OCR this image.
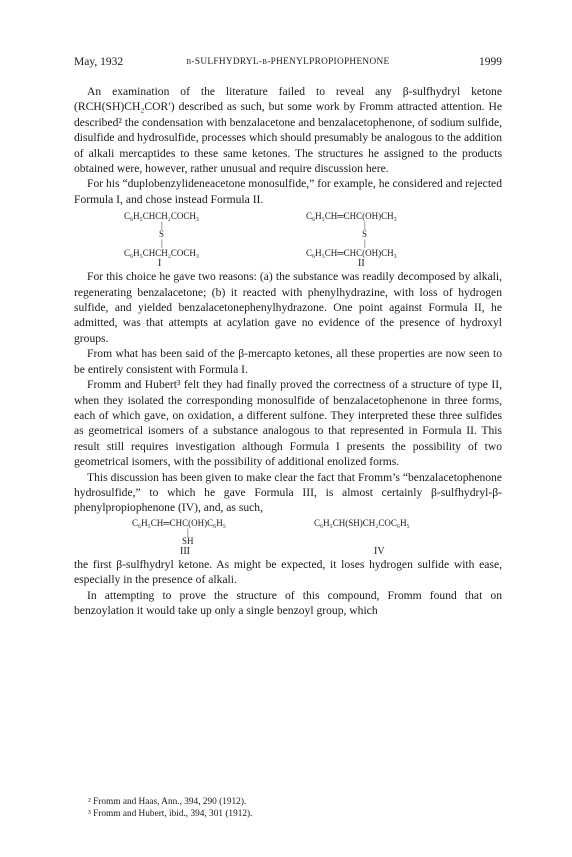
May, 1932	β-SULFHYDRYL-β-PHENYLPROPIOPHENONE	1999

An examination of the literature failed to reveal any β-sulfhydryl ketone (RCH(SH)CH₂COR′) described as such, but some work by Fromm attracted attention. He described² the condensation with benzalacetone and benzalacetophenone, of sodium sulfide, disulfide and hydrosulfide, processes which should presumably be analogous to the addition of alkali mercaptides to these same ketones. The structures he assigned to the products obtained were, however, rather unusual and require discussion here.

For his “duplobenzylideneacetone monosulfide,” for example, he considered and rejected Formula I, and chose instead Formula II.

C₆H₅CHCH₂COCH₃
|
S
|
C₆H₅CHCH₂COCH₃
I
C₆H₅CH═CHC(OH)CH₃
|
S
|
C₆H₅CH═CHC(OH)CH₃
II

For this choice he gave two reasons: (a) the substance was readily decomposed by alkali, regenerating benzalacetone; (b) it reacted with phenylhydrazine, with loss of hydrogen sulfide, and yielded benzalacetonephenylhydrazone. One point against Formula II, he admitted, was that attempts at acylation gave no evidence of the presence of hydroxyl groups.

From what has been said of the β-mercapto ketones, all these properties are now seen to be entirely consistent with Formula I.

Fromm and Hubert³ felt they had finally proved the correctness of a structure of type II, when they isolated the corresponding monosulfide of benzalacetophenone in three forms, each of which gave, on oxidation, a different sulfone. They interpreted these three sulfides as geometrical isomers of a substance analogous to that represented in Formula II. This result still requires investigation although Formula I presents the possibility of two geometrical isomers, with the possibility of additional enolized forms.

This discussion has been given to make clear the fact that Fromm’s “benzalacetophenone hydrosulfide,” to which he gave Formula III, is almost certainly β-sulfhydryl-β-phenylpropiophenone (IV), and, as such,

C₆H₅CH═CHC(OH)C₆H₅
|
SH
III
C₆H₅CH(SH)CH₂COC₆H₅
IV

the first β-sulfhydryl ketone. As might be expected, it loses hydrogen sulfide with ease, especially in the presence of alkali.

In attempting to prove the structure of this compound, Fromm found that on benzoylation it would take up only a single benzoyl group, which

² Fromm and Haas, Ann., 394, 290 (1912).
³ Fromm and Hubert, ibid., 394, 301 (1912).
